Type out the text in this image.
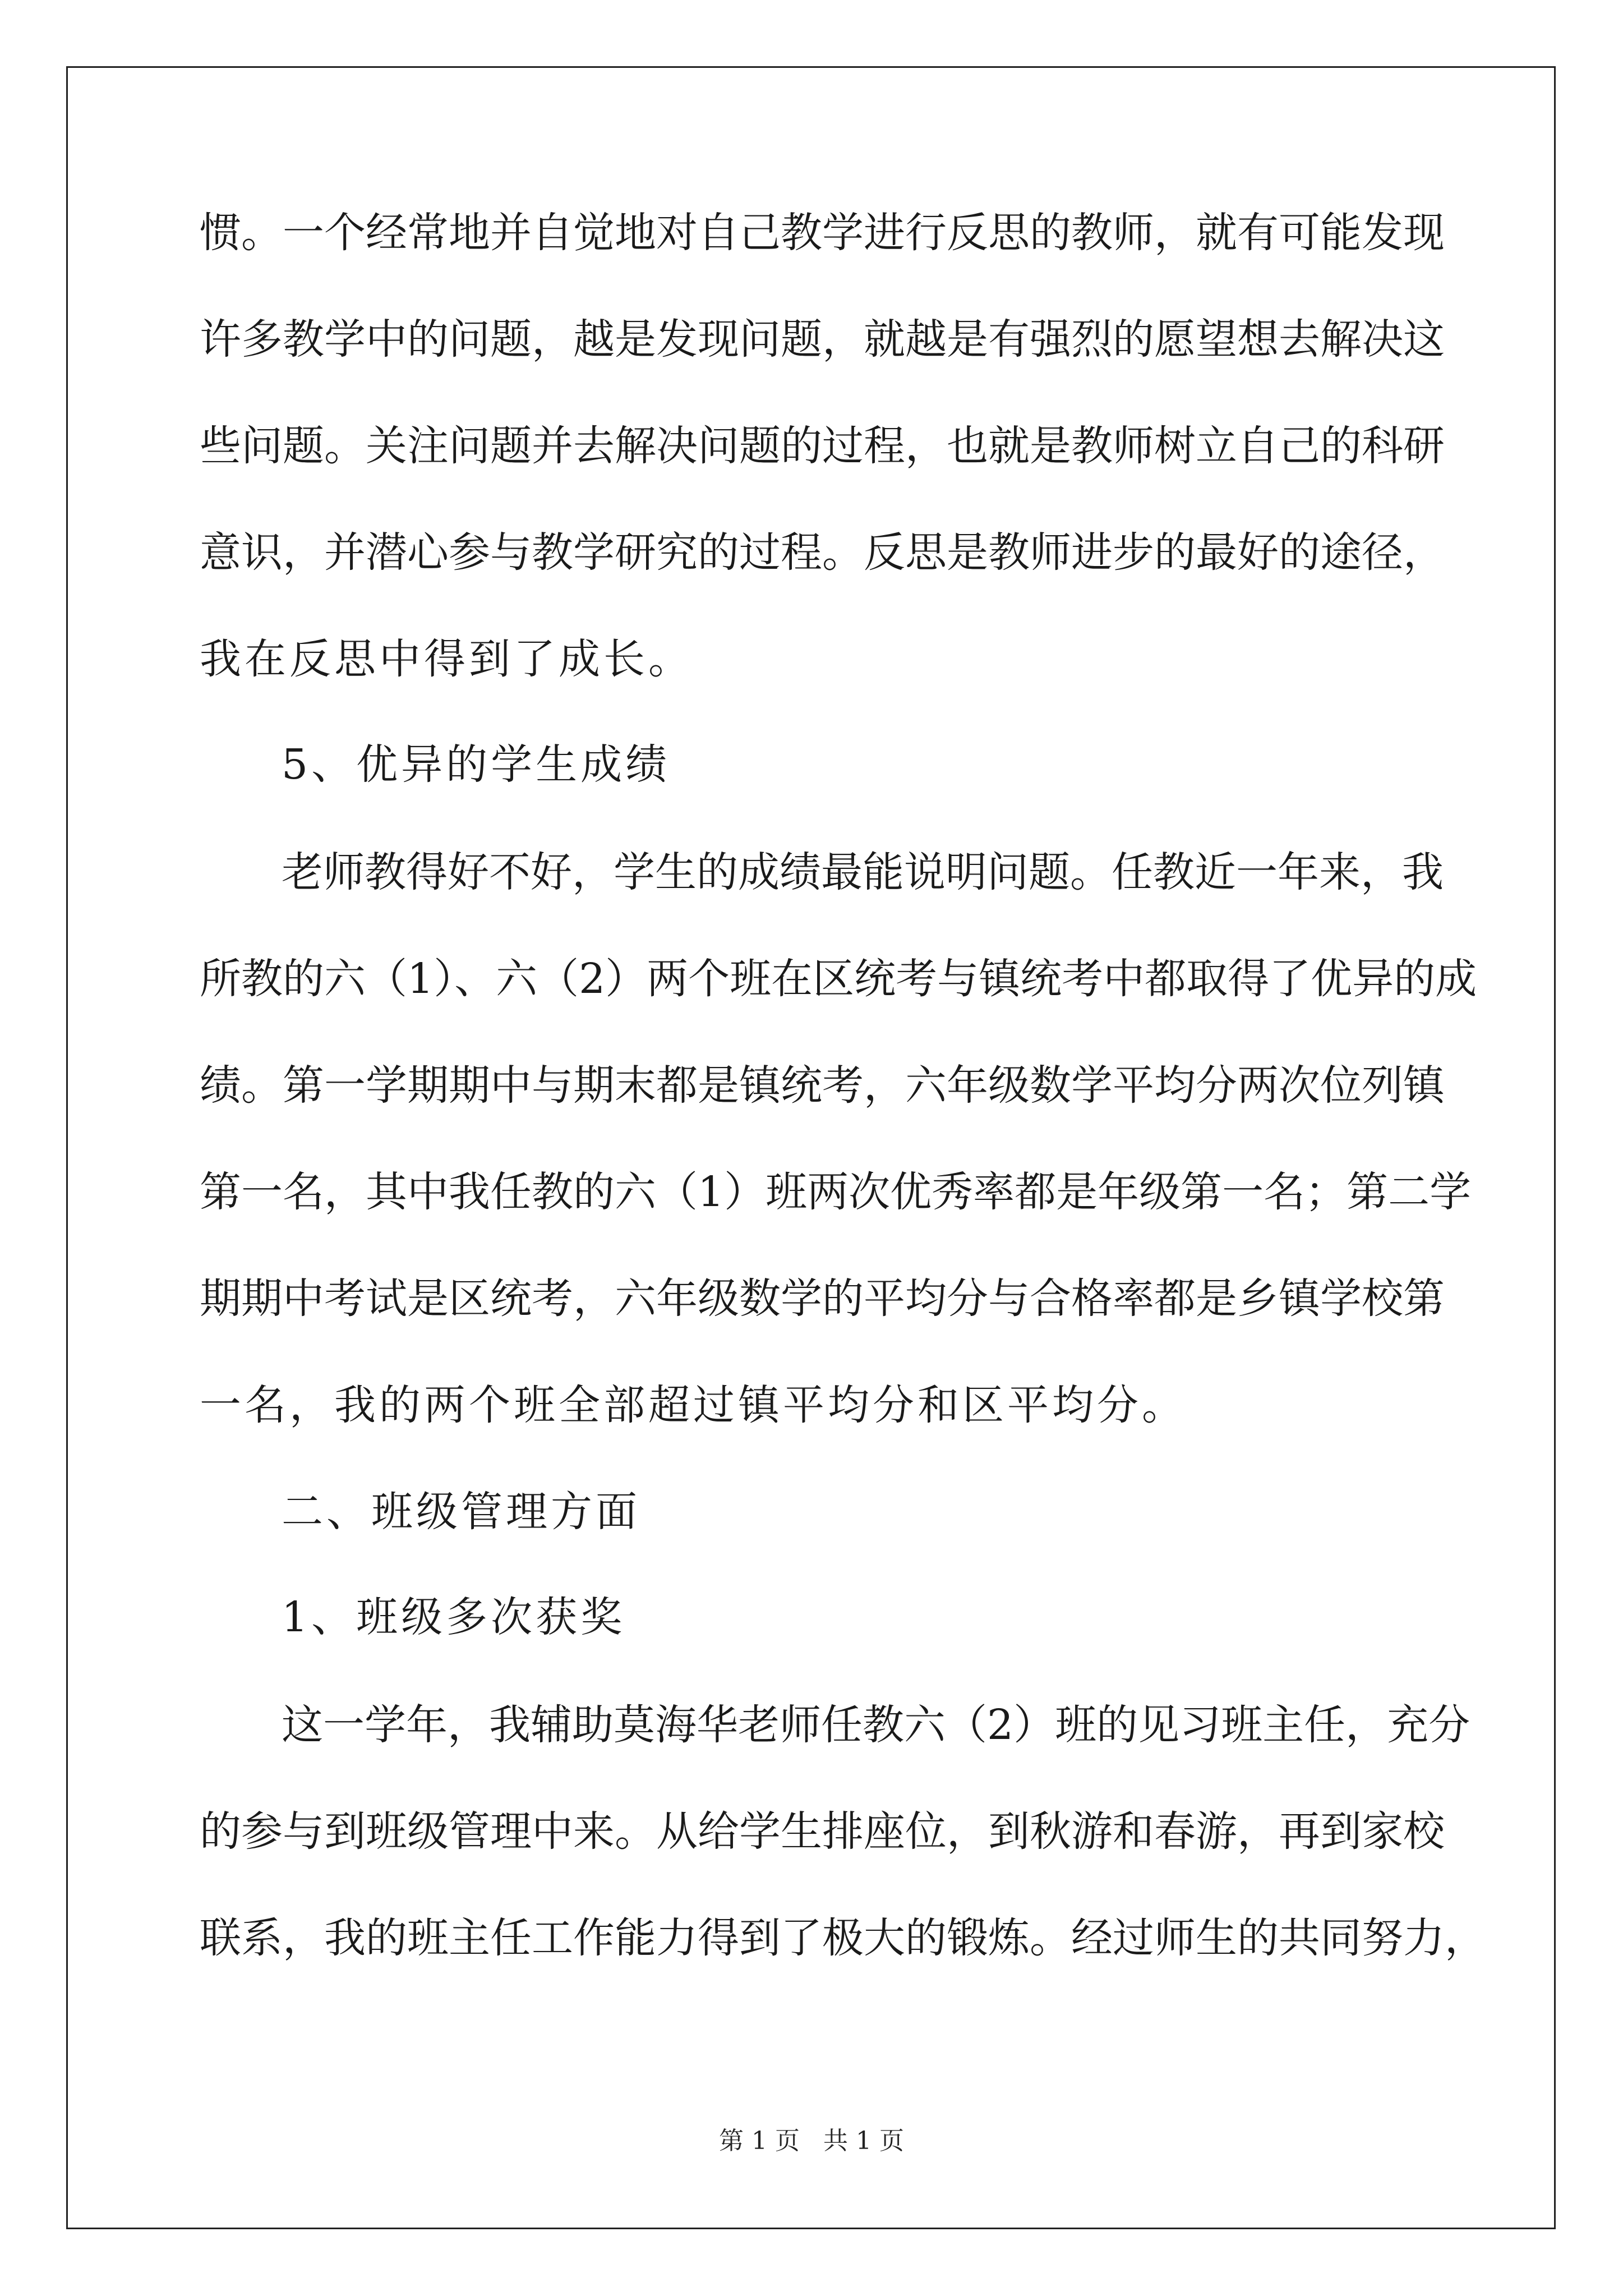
惯。一个经常地并自觉地对自己教学进行反思的教师，就有可能发现
许多教学中的问题，越是发现问题，就越是有强烈的愿望想去解决这
些问题。关注问题并去解决问题的过程，也就是教师树立自己的科研
意识，并潜心参与教学研究的过程。反思是教师进步的最好的途径，
我在反思中得到了成长。
5、优异的学生成绩
老师教得好不好，学生的成绩最能说明问题。任教近一年来，我
所教的六（1）、六（2）两个班在区统考与镇统考中都取得了优异的成
绩。第一学期期中与期末都是镇统考，六年级数学平均分两次位列镇
第一名，其中我任教的六（1）班两次优秀率都是年级第一名；第二学
期期中考试是区统考，六年级数学的平均分与合格率都是乡镇学校第
一名，我的两个班全部超过镇平均分和区平均分。
二、班级管理方面
1、班级多次获奖
这一学年，我辅助莫海华老师任教六（2）班的见习班主任，充分
的参与到班级管理中来。从给学生排座位，到秋游和春游，再到家校
联系，我的班主任工作能力得到了极大的锻炼。经过师生的共同努力，
第 1 页 共 1 页
